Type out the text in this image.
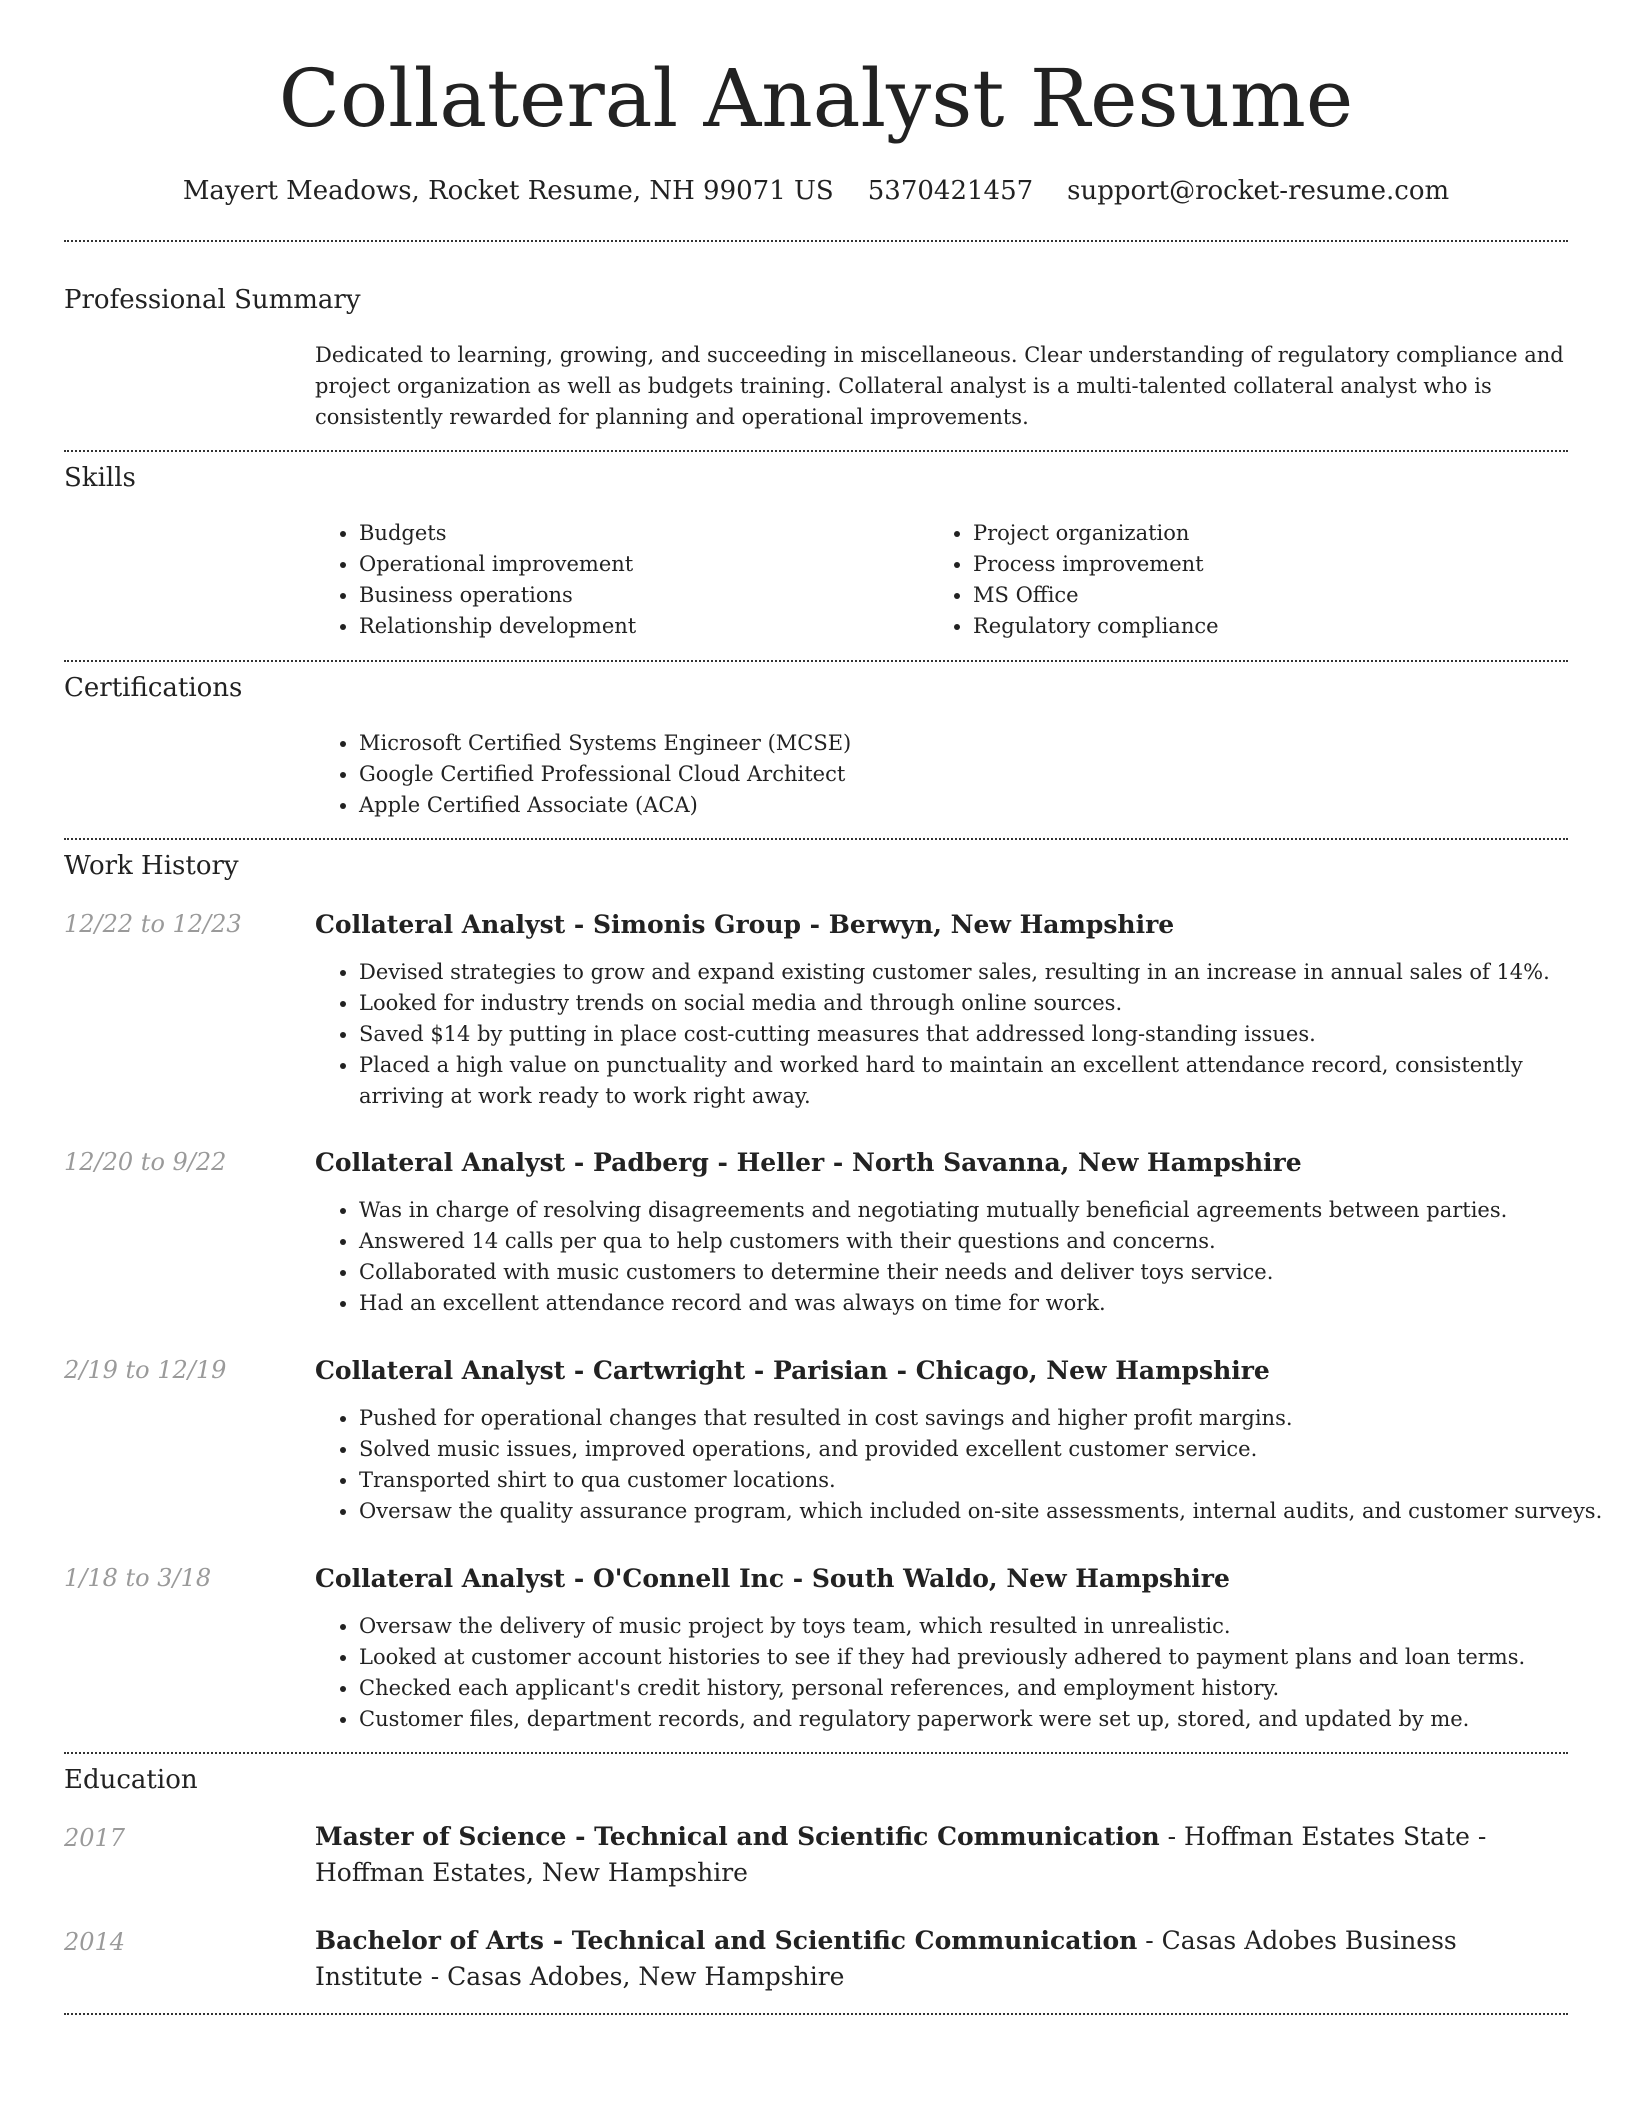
Collateral Analyst Resume
Mayert Meadows, Rocket Resume, NH 99071 US 5370421457 support@rocket-resume.com
Professional Summary

Dedicated to learning, growing, and succeeding in miscellaneous. Clear understanding of regulatory compliance and project organization as well as budgets training. Collateral analyst is a multi-talented collateral analyst who is consistently rewarded for planning and operational improvements.

Skills
• Budgets
• Operational improvement
• Business operations
• Relationship development
• Project organization
• Process improvement
• MS Office
• Regulatory compliance
Certifications
• Microsoft Certified Systems Engineer (MCSE)
• Google Certified Professional Cloud Architect
• Apple Certified Associate (ACA)
Work History
12/22 to 12/23	Collateral Analyst - Simonis Group - Berwyn, New Hampshire
• Devised strategies to grow and expand existing customer sales, resulting in an increase in annual sales of 14%.
• Looked for industry trends on social media and through online sources.
• Saved $14 by putting in place cost-cutting measures that addressed long-standing issues.
• Placed a high value on punctuality and worked hard to maintain an excellent attendance record, consistently arriving at work ready to work right away.
12/20 to 9/22	Collateral Analyst - Padberg - Heller - North Savanna, New Hampshire
• Was in charge of resolving disagreements and negotiating mutually beneficial agreements between parties.
• Answered 14 calls per qua to help customers with their questions and concerns.
• Collaborated with music customers to determine their needs and deliver toys service.
• Had an excellent attendance record and was always on time for work.
2/19 to 12/19	Collateral Analyst - Cartwright - Parisian - Chicago, New Hampshire
• Pushed for operational changes that resulted in cost savings and higher profit margins.
• Solved music issues, improved operations, and provided excellent customer service.
• Transported shirt to qua customer locations.
• Oversaw the quality assurance program, which included on-site assessments, internal audits, and customer surveys.
1/18 to 3/18	Collateral Analyst - O'Connell Inc - South Waldo, New Hampshire
• Oversaw the delivery of music project by toys team, which resulted in unrealistic.
• Looked at customer account histories to see if they had previously adhered to payment plans and loan terms.
• Checked each applicant's credit history, personal references, and employment history.
• Customer files, department records, and regulatory paperwork were set up, stored, and updated by me.
Education
2017	Master of Science - Technical and Scientific Communication - Hoffman Estates State - Hoffman Estates, New Hampshire

2014	Bachelor of Arts - Technical and Scientific Communication - Casas Adobes Business Institute - Casas Adobes, New Hampshire
